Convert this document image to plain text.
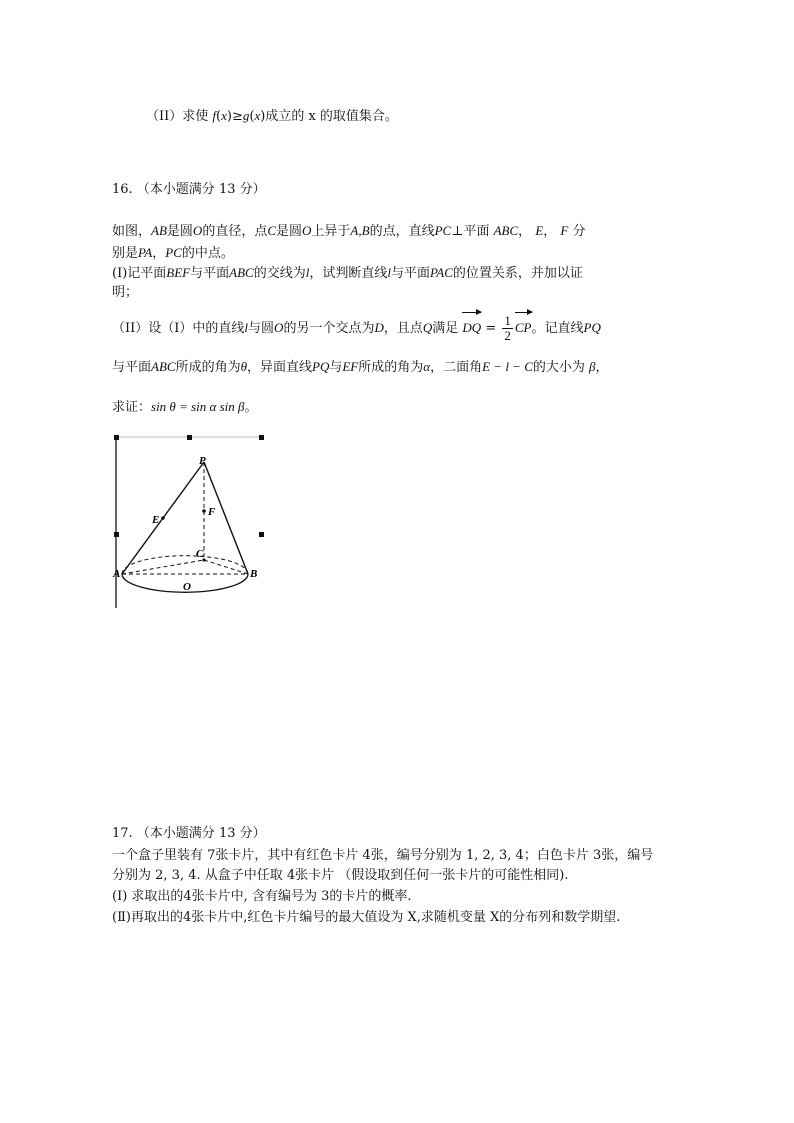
（II）求使 f(x)≥g(x)成立的 x 的取值集合。
16. （本小题满分 13 分）
如图，AB是圆O的直径，点C是圆O上异于A,B的点，直线PC⊥平面 ABC， E， F 分
别是PA，PC的中点。
(I)记平面BEF与平面ABC的交线为l，试判断直线l与平面PAC的位置关系，并加以证
明；
（II）设（I）中的直线l与圆O的另一个交点为D，且点Q满足 DQ = $\frac{1}{2}$ CP。记直线PQ
与平面ABC所成的角为θ，异面直线PQ与EF所成的角为α，二面角E − l − C的大小为 β，
求证：sin θ = sin α sin β。
P
E
F
C
A	B
O
17. （本小题满分 13 分）
一个盒子里装有 7张卡片，其中有红色卡片 4张，编号分别为 1, 2, 3, 4；白色卡片 3张，编号
分别为 2, 3, 4. 从盒子中任取 4张卡片 （假设取到任何一张卡片的可能性相同).
(Ⅰ) 求取出的4张卡片中, 含有编号为 3的卡片的概率.
(Ⅱ)再取出的4张卡片中,红色卡片编号的最大值设为 X,求随机变量 X的分布列和数学期望.
